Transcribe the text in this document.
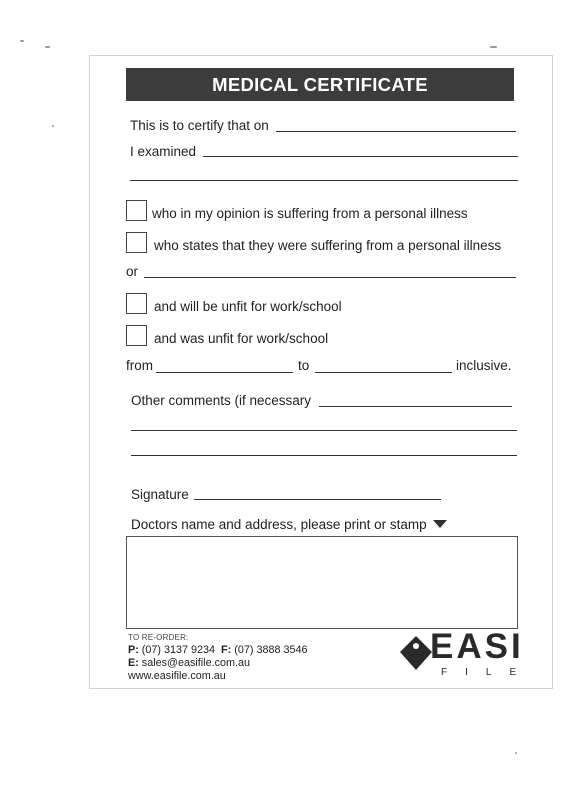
MEDICAL CERTIFICATE
This is to certify that on
I examined
who in my opinion is suffering from a personal illness
who states that they were suffering from a personal illness
or
and will be unfit for work/school
and was unfit for work/school
from	to	inclusive.
Other comments (if necessary
Signature
Doctors name and address, please print or stamp
TO RE-ORDER:
P: (07) 3137 9234 F: (07) 3888 3546
E: sales@easifile.com.au
www.easifile.com.au
EASI
FILE
